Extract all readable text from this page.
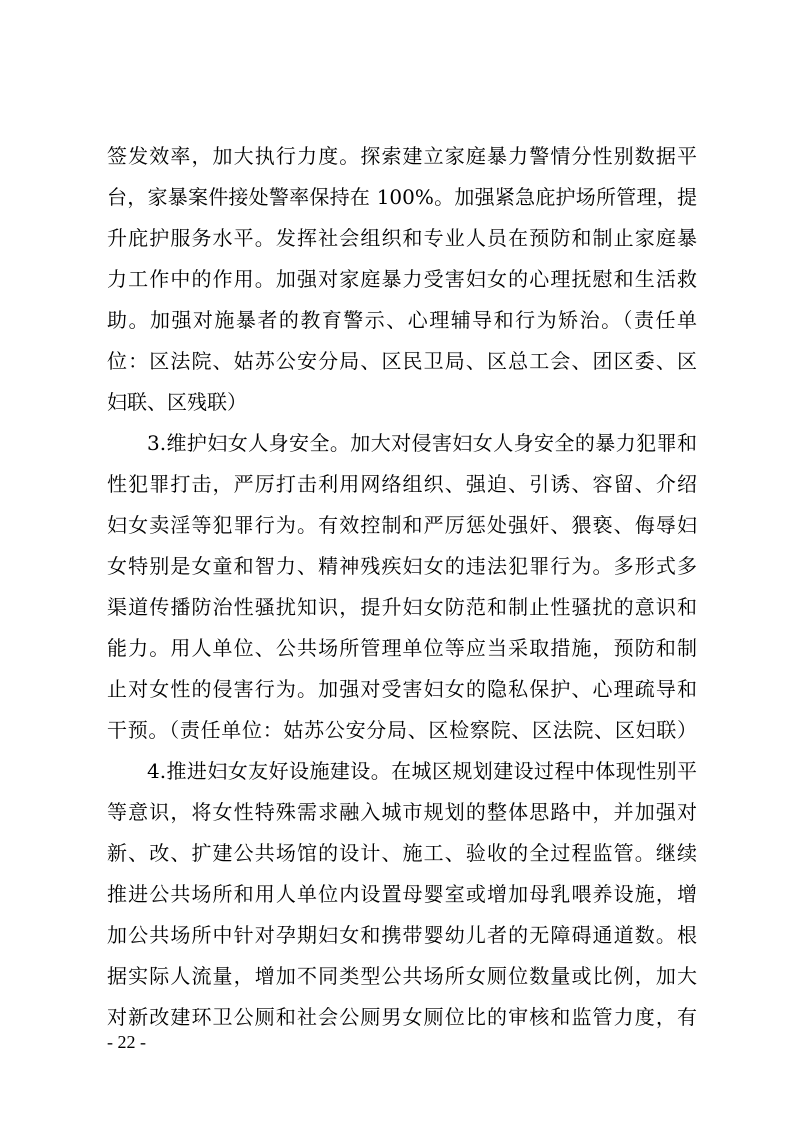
签发效率，加大执行力度。探索建立家庭暴力警情分性别数据平
台，家暴案件接处警率保持在 100%。加强紧急庇护场所管理，提
升庇护服务水平。发挥社会组织和专业人员在预防和制止家庭暴
力工作中的作用。加强对家庭暴力受害妇女的心理抚慰和生活救
助。加强对施暴者的教育警示、心理辅导和行为矫治。（责任单
位：区法院、姑苏公安分局、区民卫局、区总工会、团区委、区
妇联、区残联）
3.维护妇女人身安全。加大对侵害妇女人身安全的暴力犯罪和
性犯罪打击，严厉打击利用网络组织、强迫、引诱、容留、介绍
妇女卖淫等犯罪行为。有效控制和严厉惩处强奸、猥亵、侮辱妇
女特别是女童和智力、精神残疾妇女的违法犯罪行为。多形式多
渠道传播防治性骚扰知识，提升妇女防范和制止性骚扰的意识和
能力。用人单位、公共场所管理单位等应当采取措施，预防和制
止对女性的侵害行为。加强对受害妇女的隐私保护、心理疏导和
干预。（责任单位：姑苏公安分局、区检察院、区法院、区妇联）
4.推进妇女友好设施建设。在城区规划建设过程中体现性别平
等意识，将女性特殊需求融入城市规划的整体思路中，并加强对
新、改、扩建公共场馆的设计、施工、验收的全过程监管。继续
推进公共场所和用人单位内设置母婴室或增加母乳喂养设施，增
加公共场所中针对孕期妇女和携带婴幼儿者的无障碍通道数。根
据实际人流量，增加不同类型公共场所女厕位数量或比例，加大
对新改建环卫公厕和社会公厕男女厕位比的审核和监管力度，有
- 22 -
